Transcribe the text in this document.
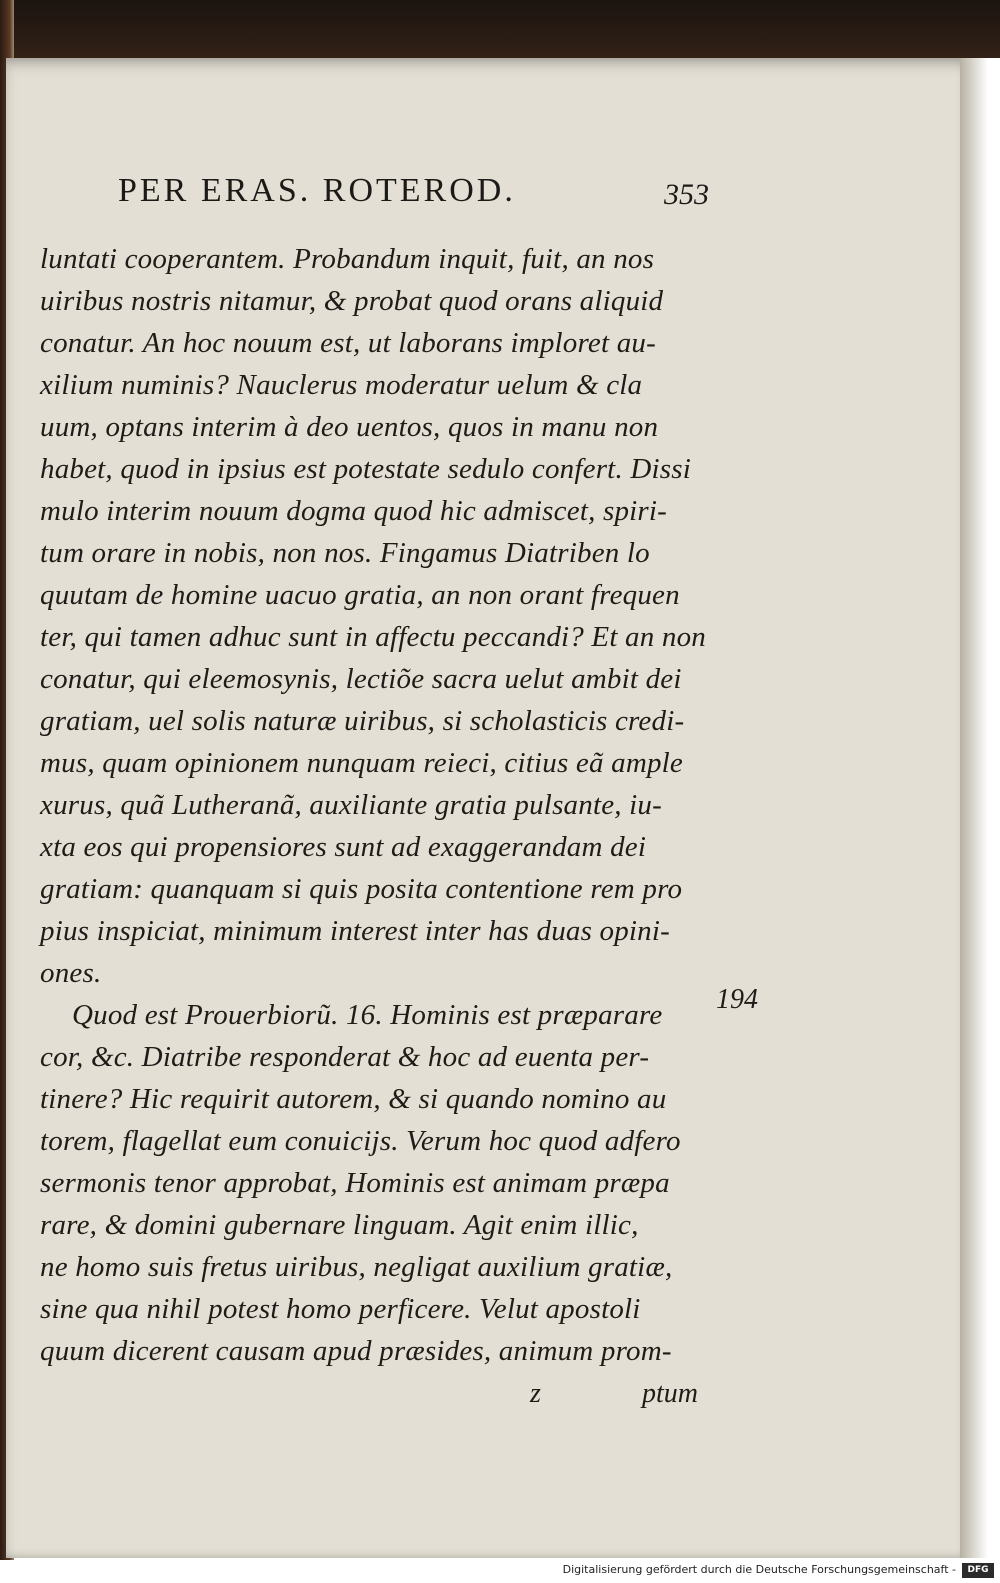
PER ERAS. ROTEROD.	353
luntati cooperantem. Probandum inquit, fuit, an nos
uiribus nostris nitamur, & probat quod orans aliquid
conatur. An hoc nouum est, ut laborans imploret au-
xilium numinis? Nauclerus moderatur uelum & cla
uum, optans interim à deo uentos, quos in manu non
habet, quod in ipsius est potestate sedulo confert. Dissi
mulo interim nouum dogma quod hic admiscet, spiri-
tum orare in nobis, non nos. Fingamus Diatriben lo
quutam de homine uacuo gratia, an non orant frequen
ter, qui tamen adhuc sunt in affectu peccandi? Et an non
conatur, qui eleemosynis, lectiõe sacra uelut ambit dei
gratiam, uel solis naturæ uiribus, si scholasticis credi-
mus, quam opinionem nunquam reieci, citius eã ample
xurus, quã Lutheranã, auxiliante gratia pulsante, iu-
xta eos qui propensiores sunt ad exaggerandam dei
gratiam: quanquam si quis posita contentione rem pro
pius inspiciat, minimum interest inter has duas opini-
ones.
Quod est Prouerbiorũ. 16. Hominis est præparare
cor, &c. Diatribe responderat & hoc ad euenta per-
tinere? Hic requirit autorem, & si quando nomino au
torem, flagellat eum conuicijs. Verum hoc quod adfero
sermonis tenor approbat, Hominis est animam præpa
rare, & domini gubernare linguam. Agit enim illic,
ne homo suis fretus uiribus, negligat auxilium gratiæ,
sine qua nihil potest homo perficere. Velut apostoli
quum dicerent causam apud præsides, animum prom-
194
z	ptum
Digitalisierung gefördert durch die Deutsche Forschungsgemeinschaft -	DFG
